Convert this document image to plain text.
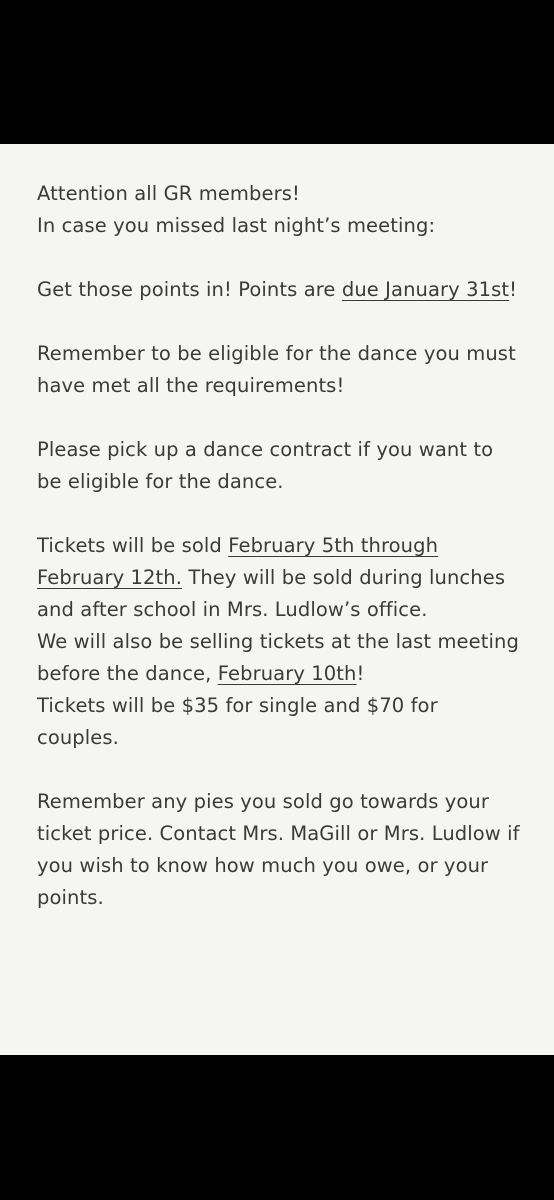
Attention all GR members!
In case you missed last night’s meeting:

Get those points in! Points are due January 31st!

Remember to be eligible for the dance you must have met all the requirements!

Please pick up a dance contract if you want to be eligible for the dance.

Tickets will be sold February 5th through February 12th. They will be sold during lunches and after school in Mrs. Ludlow’s office.
We will also be selling tickets at the last meeting before the dance, February 10th!
Tickets will be $35 for single and $70 for couples.

Remember any pies you sold go towards your ticket price. Contact Mrs. MaGill or Mrs. Ludlow if you wish to know how much you owe, or your points.
